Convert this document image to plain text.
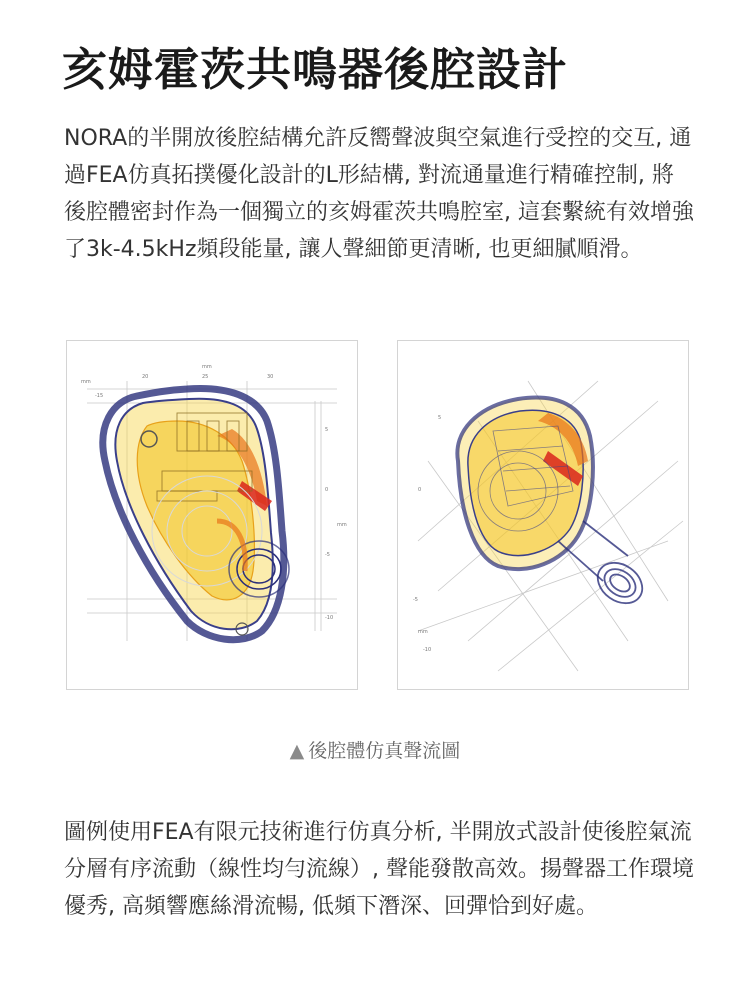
亥姆霍茨共鳴器後腔設計
NORA的半開放後腔結構允許反嚮聲波與空氣進行受控的交互, 通過FEA仿真拓撲優化設計的L形結構, 對流通量進行精確控制, 將後腔體密封作為一個獨立的亥姆霍茨共鳴腔室, 這套繫統有效增強了3k-4.5kHz頻段能量, 讓人聲細節更清晰, 也更細膩順滑。
mm
20	25	30
mm
-15
5
0
mm
-5
-10
5
0
-5
mm
-10
▲ 後腔體仿真聲流圖
圖例使用FEA有限元技術進行仿真分析, 半開放式設計使後腔氣流分層有序流動（線性均勻流線）, 聲能發散高效。揚聲器工作環境優秀, 高頻響應絲滑流暢, 低頻下潛深、回彈恰到好處。
